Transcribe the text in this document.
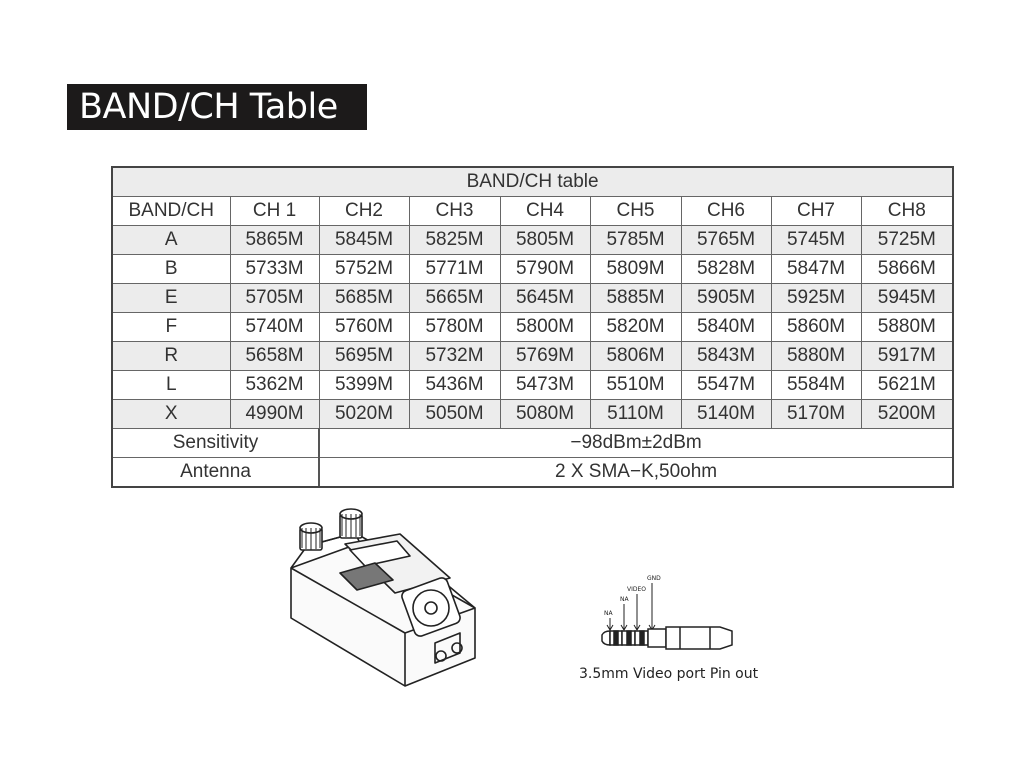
BAND/CH Table
BAND/CH table								
BAND/CH	CH 1	CH2	CH3	CH4	CH5	CH6	CH7	CH8
A	5865M	5845M	5825M	5805M	5785M	5765M	5745M	5725M
B	5733M	5752M	5771M	5790M	5809M	5828M	5847M	5866M
E	5705M	5685M	5665M	5645M	5885M	5905M	5925M	5945M
F	5740M	5760M	5780M	5800M	5820M	5840M	5860M	5880M
R	5658M	5695M	5732M	5769M	5806M	5843M	5880M	5917M
L	5362M	5399M	5436M	5473M	5510M	5547M	5584M	5621M
X	4990M	5020M	5050M	5080M	5110M	5140M	5170M	5200M
Sensitivity		−98dBm±2dBm						
Antenna		2 X SMA−K,50ohm						
NA
NA
VIDEO
GND
3.5mm Video port Pin out
